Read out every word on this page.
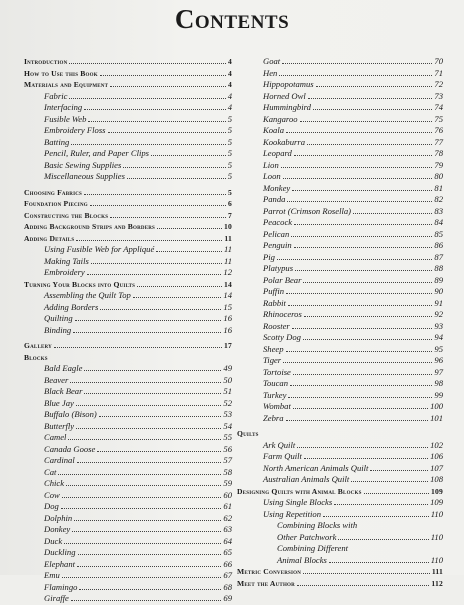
Contents
Introduction	4
How to Use this Book	4
Materials and Equipment	4
Fabric	4
Interfacing	4
Fusible Web	5
Embroidery Floss	5
Batting	5
Pencil, Ruler, and Paper Clips	5
Basic Sewing Supplies	5
Miscellaneous Supplies	5
Choosing Fabrics	5
Foundation Piecing	6
Constructing the Blocks	7
Adding Background Strips and Borders	10
Adding Details	11
Using Fusible Web for Appliqué	11
Making Tails	11
Embroidery	12
Turning Your Blocks into Quilts	14
Assembling the Quilt Top	14
Adding Borders	15
Quilting	16
Binding	16
Gallery	17
Blocks
Bald Eagle	49
Beaver	50
Black Bear	51
Blue Jay	52
Buffalo (Bison)	53
Butterfly	54
Camel	55
Canada Goose	56
Cardinal	57
Cat	58
Chick	59
Cow	60
Dog	61
Dolphin	62
Donkey	63
Duck	64
Duckling	65
Elephant	66
Emu	67
Flamingo	68
Giraffe	69
Goat	70
Hen	71
Hippopotamus	72
Horned Owl	73
Hummingbird	74
Kangaroo	75
Koala	76
Kookaburra	77
Leopard	78
Lion	79
Loon	80
Monkey	81
Panda	82
Parrot (Crimson Rosella)	83
Peacock	84
Pelican	85
Penguin	86
Pig	87
Platypus	88
Polar Bear	89
Puffin	90
Rabbit	91
Rhinoceros	92
Rooster	93
Scotty Dog	94
Sheep	95
Tiger	96
Tortoise	97
Toucan	98
Turkey	99
Wombat	100
Zebra	101
Quilts
Ark Quilt	102
Farm Quilt	106
North American Animals Quilt	107
Australian Animals Quilt	108
Designing Quilts with Animal Blocks	109
Using Single Blocks	109
Using Repetition	110
Combining Blocks with
Other Patchwork	110
Combining Different
Animal Blocks	110
Metric Conversion	111
Meet the Author	112
